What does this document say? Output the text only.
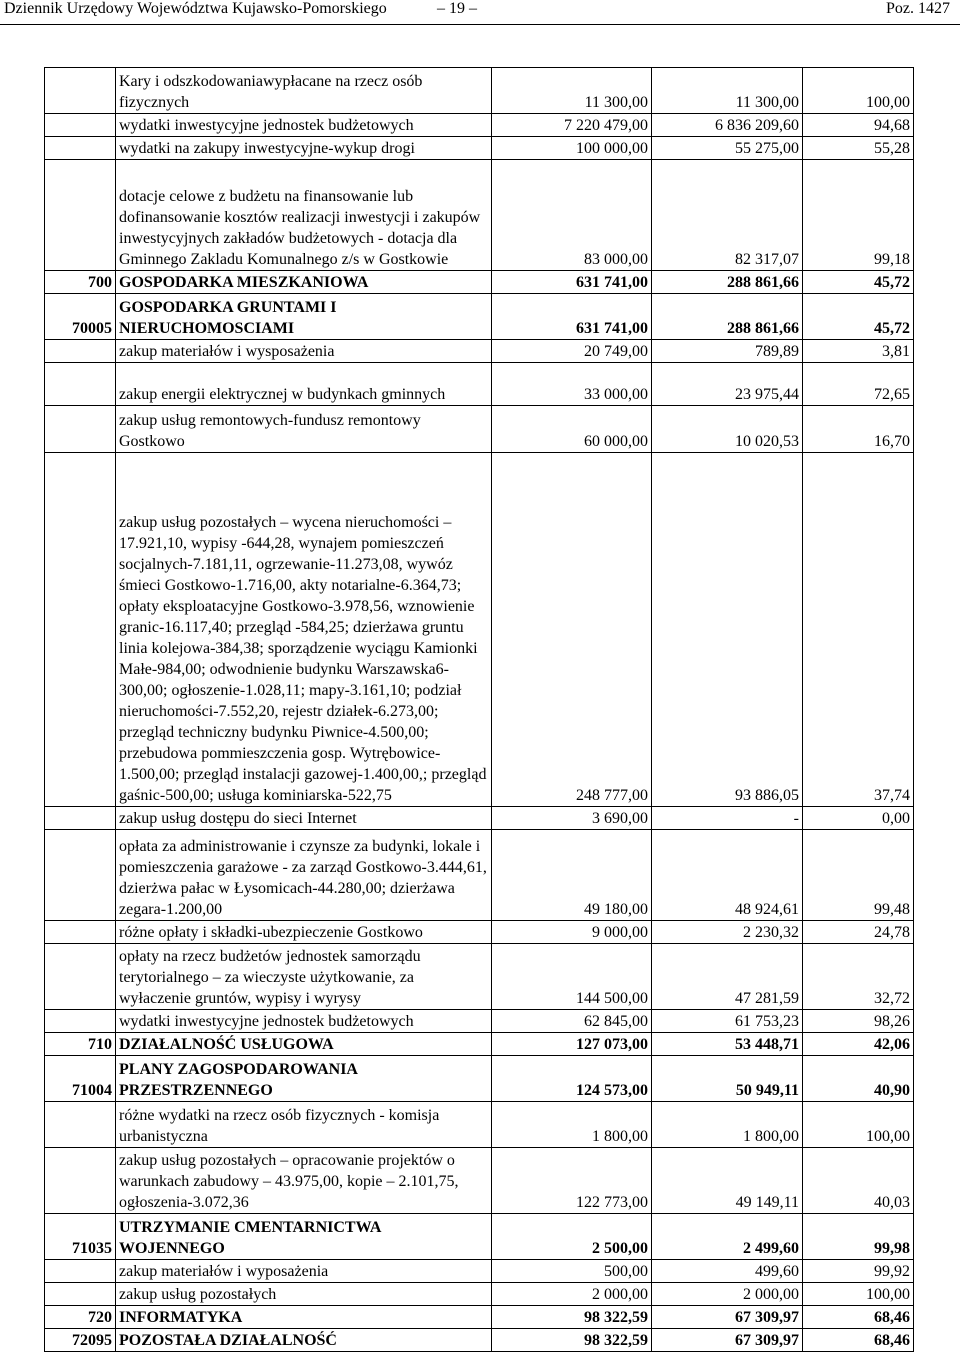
Dziennik Urzędowy Województwa Kujawsko-Pomorskiego	– 19 –	Poz. 1427
	Kary i odszkodowaniawypłacane na rzecz osób fizycznych	11 300,00	11 300,00	100,00
	wydatki inwestycyjne jednostek budżetowych	7 220 479,00	6 836 209,60	94,68
	wydatki na zakupy inwestycyjne-wykup drogi	100 000,00	55 275,00	55,28
	dotacje celowe z budżetu na finansowanie lub dofinansowanie kosztów realizacji inwestycji i zakupów inwestycyjnych zakładów budżetowych - dotacja dla Gminnego Zakladu Komunalnego z/s w Gostkowie	83 000,00	82 317,07	99,18
700	GOSPODARKA MIESZKANIOWA	631 741,00	288 861,66	45,72
70005	GOSPODARKA GRUNTAMI I NIERUCHOMOSCIAMI	631 741,00	288 861,66	45,72
	zakup materiałów i wysposażenia	20 749,00	789,89	3,81
	zakup energii elektrycznej w budynkach gminnych	33 000,00	23 975,44	72,65
	zakup usług remontowych-fundusz remontowy Gostkowo	60 000,00	10 020,53	16,70
	zakup usług pozostałych – wycena nieruchomości – 17.921,10, wypisy -644,28, wynajem pomieszczeń socjalnych-7.181,11, ogrzewanie-11.273,08, wywóz śmieci Gostkowo-1.716,00, akty notarialne-6.364,73; opłaty eksploatacyjne Gostkowo-3.978,56, wznowienie granic-16.117,40; przegląd -584,25; dzierżawa gruntu linia kolejowa-384,38; sporządzenie wyciągu Kamionki Małe-984,00; odwodnienie budynku Warszawska6-300,00; ogłoszenie-1.028,11; mapy-3.161,10; podział nieruchomości-7.552,20, rejestr działek-6.273,00; przegląd techniczny budynku Piwnice-4.500,00; przebudowa pommieszczenia gosp. Wytrębowice-1.500,00; przegląd instalacji gazowej-1.400,00,; przegląd gaśnic-500,00; usługa kominiarska-522,75	248 777,00	93 886,05	37,74
	zakup usług dostępu do sieci Internet	3 690,00	-	0,00
	opłata za administrowanie i czynsze za budynki, lokale i pomieszczenia garażowe - za zarząd Gostkowo-3.444,61, dzierżwa pałac w Łysomicach-44.280,00; dzierżawa zegara-1.200,00	49 180,00	48 924,61	99,48
	różne opłaty i składki-ubezpieczenie Gostkowo	9 000,00	2 230,32	24,78
	opłaty na rzecz budżetów jednostek samorządu terytorialnego – za wieczyste użytkowanie, za wyłaczenie gruntów, wypisy i wyrysy	144 500,00	47 281,59	32,72
	wydatki inwestycyjne jednostek budżetowych	62 845,00	61 753,23	98,26
710	DZIAŁALNOŚĆ USŁUGOWA	127 073,00	53 448,71	42,06
71004	PLANY ZAGOSPODAROWANIA PRZESTRZENNEGO	124 573,00	50 949,11	40,90
	różne wydatki na rzecz osób fizycznych - komisja urbanistyczna	1 800,00	1 800,00	100,00
	zakup usług pozostałych – opracowanie projektów o warunkach zabudowy – 43.975,00, kopie – 2.101,75, ogłoszenia-3.072,36	122 773,00	49 149,11	40,03
71035	UTRZYMANIE CMENTARNICTWA WOJENNEGO	2 500,00	2 499,60	99,98
	zakup materiałów i wyposażenia	500,00	499,60	99,92
	zakup usług pozostałych	2 000,00	2 000,00	100,00
720	INFORMATYKA	98 322,59	67 309,97	68,46
72095	POZOSTAŁA DZIAŁALNOŚĆ	98 322,59	67 309,97	68,46
